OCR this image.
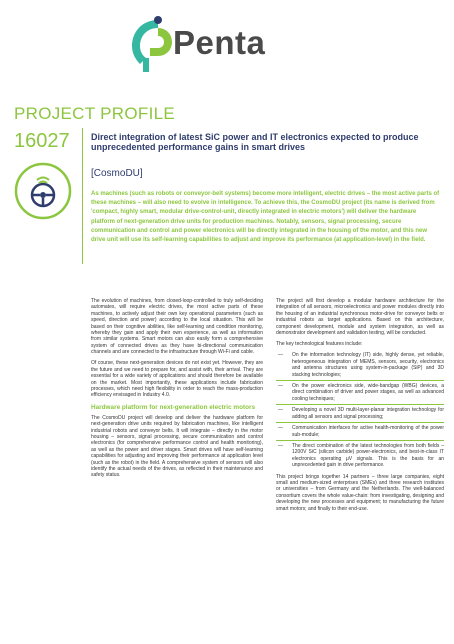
Penta
PROJECT PROFILE
16027 Direct integration of latest SiC power and IT electronics expected to produce unprecedented performance gains in smart drives
[CosmoDU]
As machines (such as robots or conveyor-belt systems) become more intelligent, electric drives – the most active parts of these machines – will also need to evolve in intelligence. To achieve this, the CosmoDU project (its name is derived from 'compact, highly smart, modular drive-control-unit, directly integrated in electric motors') will deliver the hardware platform of next-generation drive units for production machines. Notably, sensors, signal processing, secure communication and control and power electronics will be directly integrated in the housing of the motor, and this new drive unit will use its self-learning capabilities to adjust and improve its performance (at application-level) in the field.

The evolution of machines, from closed-loop-controlled to truly self-deciding automates, will require electric drives, the most active parts of these machines, to actively adjust their own key operational parameters (such as speed, direction and power) according to the local situation. This will be based on their cognitive abilities, like self-learning and condition monitoring, whereby they gain and apply their own experience, as well as information from similar systems. Smart motors can also easily form a comprehensive system of connected drives as they have bi-directional communication channels and are connected to the infrastructure through Wi-Fi and cable.

Of course, these next-generation devices do not exist yet. However, they are the future and we need to prepare for, and assist with, their arrival. They are essential for a wide variety of applications and should therefore be available on the market. Most importantly, these applications include fabrication processes, which need high flexibility in order to reach the mass-production efficiency envisaged in Industry 4.0.

Hardware platform for next-generation electric motors

The CosmoDU project will develop and deliver the hardware platform for next-generation drive units required by fabrication machines, like intelligent industrial robots and conveyor belts. It will integrate – directly in the motor housing – sensors, signal processing, secure communication and control electronics (for comprehensive performance control and health monitoring), as well as the power and driver stages. Smart drives will have self-learning capabilities for adjusting and improving their performance at application level (such as the robot) in the field. A comprehensive system of sensors will also identify the actual needs of the drives, as reflected in their maintenance and safety status.

The project will first develop a modular hardware architecture for the integration of all sensors, microelectronics and power modules directly into the housing of an industrial synchronous motor-drive for conveyor belts or industrial robots as target applications. Based on this architecture, component development, module and system integration, as well as demonstrator development and validation testing, will be conducted.

The key technological features include:

— On the information technology (IT) side, highly dense, yet reliable, heterogeneous integration of MEMS, sensors, security, electronics and antenna structures using system-in-package (SiP) and 3D stacking technologies;
— On the power electronics side, wide-bandgap (WBG) devices, a direct combination of driver and power stages, as well as advanced cooling techniques;
— Developing a novel 3D multi-layer-planar integration technology for adding all sensors and signal processing;
— Communication interfaces for active health-monitoring of the power sub-module;
— The direct combination of the latest technologies from both fields – 1200V SiC (silicon carbide) power-electronics, and best-in-class IT electronics operating μV signals. This is the basis for an unprecedented gain in drive performance.

This project brings together 14 partners – three large companies, eight small and medium-sized enterprises (SMEs) and three research institutes or universities – from Germany and the Netherlands. The well-balanced consortium covers the whole value-chain: from investigating, designing and developing the new processes and equipment; to manufacturing the future smart motors; and finally to their end-use.
